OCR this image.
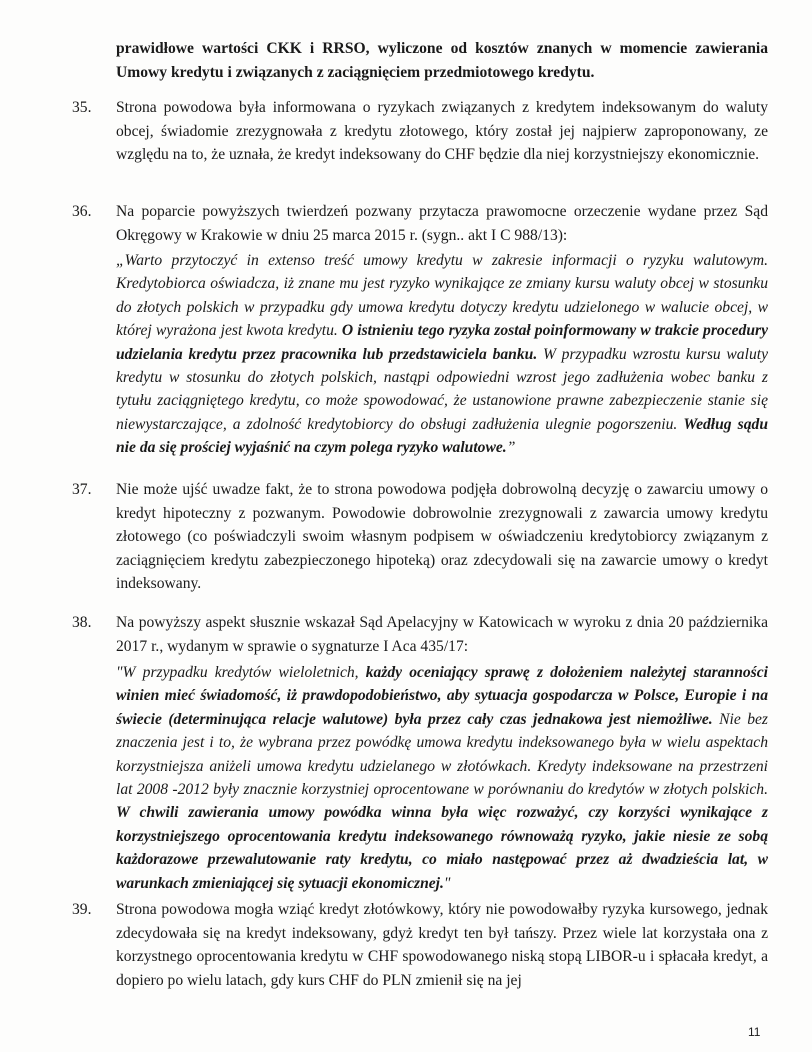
prawidłowe wartości CKK i RRSO, wyliczone od kosztów znanych w momencie zawierania Umowy kredytu i związanych z zaciągnięciem przedmiotowego kredytu.
35.	Strona powodowa była informowana o ryzykach związanych z kredytem indeksowanym do waluty obcej, świadomie zrezygnowała z kredytu złotowego, który został jej najpierw zaproponowany, ze względu na to, że uznała, że kredyt indeksowany do CHF będzie dla niej korzystniejszy ekonomicznie.
36.	Na poparcie powyższych twierdzeń pozwany przytacza prawomocne orzeczenie wydane przez Sąd Okręgowy w Krakowie w dniu 25 marca 2015 r. (sygn.. akt I C 988/13):
„Warto przytoczyć in extenso treść umowy kredytu w zakresie informacji o ryzyku walutowym. Kredytobiorca oświadcza, iż znane mu jest ryzyko wynikające ze zmiany kursu waluty obcej w stosunku do złotych polskich w przypadku gdy umowa kredytu dotyczy kredytu udzielonego w walucie obcej, w której wyrażona jest kwota kredytu. O istnieniu tego ryzyka został poinformowany w trakcie procedury udzielania kredytu przez pracownika lub przedstawiciela banku. W przypadku wzrostu kursu waluty kredytu w stosunku do złotych polskich, nastąpi odpowiedni wzrost jego zadłużenia wobec banku z tytułu zaciągniętego kredytu, co może spowodować, że ustanowione prawne zabezpieczenie stanie się niewystarczające, a zdolność kredytobiorcy do obsługi zadłużenia ulegnie pogorszeniu. Według sądu nie da się prościej wyjaśnić na czym polega ryzyko walutowe.”
37.	Nie może ujść uwadze fakt, że to strona powodowa podjęła dobrowolną decyzję o zawarciu umowy o kredyt hipoteczny z pozwanym. Powodowie dobrowolnie zrezygnowali z zawarcia umowy kredytu złotowego (co poświadczyli swoim własnym podpisem w oświadczeniu kredytobiorcy związanym z zaciągnięciem kredytu zabezpieczonego hipoteką) oraz zdecydowali się na zawarcie umowy o kredyt indeksowany.
38.	Na powyższy aspekt słusznie wskazał Sąd Apelacyjny w Katowicach w wyroku z dnia 20 października 2017 r., wydanym w sprawie o sygnaturze I Aca 435/17:
"W przypadku kredytów wieloletnich, każdy oceniający sprawę z dołożeniem należytej staranności winien mieć świadomość, iż prawdopodobieństwo, aby sytuacja gospodarcza w Polsce, Europie i na świecie (determinująca relacje walutowe) była przez cały czas jednakowa jest niemożliwe. Nie bez znaczenia jest i to, że wybrana przez powódkę umowa kredytu indeksowanego była w wielu aspektach korzystniejsza aniżeli umowa kredytu udzielanego w złotówkach. Kredyty indeksowane na przestrzeni lat 2008 -2012 były znacznie korzystniej oprocentowane w porównaniu do kredytów w złotych polskich. W chwili zawierania umowy powódka winna była więc rozważyć, czy korzyści wynikające z korzystniejszego oprocentowania kredytu indeksowanego równoważą ryzyko, jakie niesie ze sobą każdorazowe przewalutowanie raty kredytu, co miało następować przez aż dwadzieścia lat, w warunkach zmieniającej się sytuacji ekonomicznej."
39.	Strona powodowa mogła wziąć kredyt złotówkowy, który nie powodowałby ryzyka kursowego, jednak zdecydowała się na kredyt indeksowany, gdyż kredyt ten był tańszy. Przez wiele lat korzystała ona z korzystnego oprocentowania kredytu w CHF spowodowanego niską stopą LIBOR-u i spłacała kredyt, a dopiero po wielu latach, gdy kurs CHF do PLN zmienił się na jej
11
